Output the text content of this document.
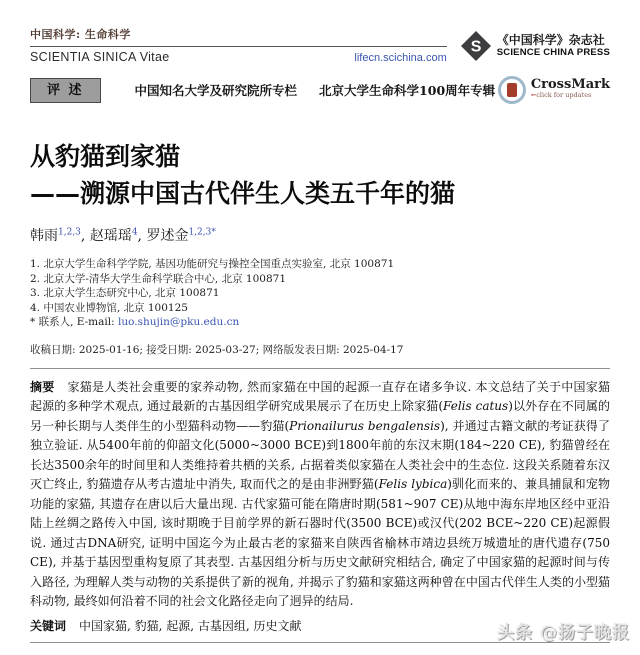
中国科学: 生命科学
SCIENTIA SINICA Vitae	lifecn.scichina.com
S 《中国科学》杂志社
SCIENCE CHINA PRESS
评 述	中国知名大学及研究院所专栏 北京大学生命科学100周年专辑	CrossMark
←click for updates
从豹猫到家猫
——溯源中国古代伴生人类五千年的猫
韩雨$^{1,2,3}$, 赵瑶瑶$^4$, 罗述金$^{1,2,3*}$
1. 北京大学生命科学学院, 基因功能研究与操控全国重点实验室, 北京 100871
2. 北京大学-清华大学生命科学联合中心, 北京 100871
3. 北京大学生态研究中心, 北京 100871
4. 中国农业博物馆, 北京 100125
* 联系人, E-mail: luo.shujin@pku.edu.cn
收稿日期: 2025-01-16; 接受日期: 2025-03-27; 网络版发表日期: 2025-04-17
摘要 家猫是人类社会重要的家养动物, 然而家猫在中国的起源一直存在诸多争议. 本文总结了关于中国家猫起源的多种学术观点, 通过最新的古基因组学研究成果展示了在历史上除家猫(Felis catus)以外存在不同属的另一种长期与人类伴生的小型猫科动物——豹猫(Prionailurus bengalensis), 并通过古籍文献的考证获得了独立验证. 从5400年前的仰韶文化(5000~3000 BCE)到1800年前的东汉末期(184~220 CE), 豹猫曾经在长达3500余年的时间里和人类维持着共栖的关系, 占据着类似家猫在人类社会中的生态位. 这段关系随着东汉灭亡终止, 豹猫遗存从考古遗址中消失, 取而代之的是由非洲野猫(Felis lybica)驯化而来的、兼具捕鼠和宠物功能的家猫, 其遗存在唐以后大量出现. 古代家猫可能在隋唐时期(581~907 CE)从地中海东岸地区经中亚沿陆上丝绸之路传入中国, 该时期晚于目前学界的新石器时代(3500 BCE)或汉代(202 BCE~220 CE)起源假说. 通过古DNA研究, 证明中国迄今为止最古老的家猫来自陕西省榆林市靖边县统万城遗址的唐代遗存(750 CE), 并基于基因型重构复原了其表型. 古基因组分析与历史文献研究相结合, 确定了中国家猫的起源时间与传入路径, 为理解人类与动物的关系提供了新的视角, 并揭示了豹猫和家猫这两种曾在中国古代伴生人类的小型猫科动物, 最终如何沿着不同的社会文化路径走向了迥异的结局.
关键词 中国家猫, 豹猫, 起源, 古基因组, 历史文献	头条 @扬子晚报
